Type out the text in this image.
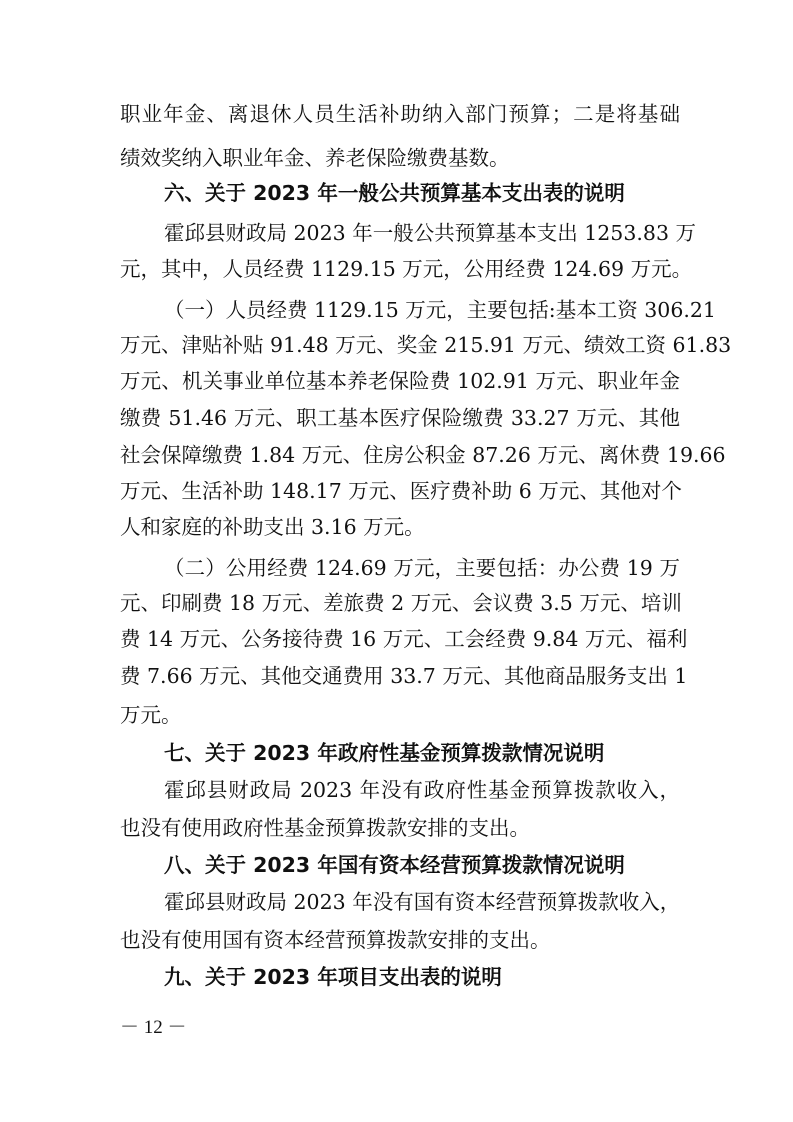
职业年金、离退休人员生活补助纳入部门预算；二是将基础
绩效奖纳入职业年金、养老保险缴费基数。
六、关于 2023 年一般公共预算基本支出表的说明
霍邱县财政局 2023 年一般公共预算基本支出 1253.83 万
元，其中，人员经费 1129.15 万元，公用经费 124.69 万元。
（一）人员经费 1129.15 万元，主要包括:基本工资 306.21
万元、津贴补贴 91.48 万元、奖金 215.91 万元、绩效工资 61.83
万元、机关事业单位基本养老保险费 102.91 万元、职业年金
缴费 51.46 万元、职工基本医疗保险缴费 33.27 万元、其他
社会保障缴费 1.84 万元、住房公积金 87.26 万元、离休费 19.66
万元、生活补助 148.17 万元、医疗费补助 6 万元、其他对个
人和家庭的补助支出 3.16 万元。
（二）公用经费 124.69 万元，主要包括：办公费 19 万
元、印刷费 18 万元、差旅费 2 万元、会议费 3.5 万元、培训
费 14 万元、公务接待费 16 万元、工会经费 9.84 万元、福利
费 7.66 万元、其他交通费用 33.7 万元、其他商品服务支出 1
万元。
七、关于 2023 年政府性基金预算拨款情况说明
霍邱县财政局 2023 年没有政府性基金预算拨款收入，
也没有使用政府性基金预算拨款安排的支出。
八、关于 2023 年国有资本经营预算拨款情况说明
霍邱县财政局 2023 年没有国有资本经营预算拨款收入，
也没有使用国有资本经营预算拨款安排的支出。
九、关于 2023 年项目支出表的说明
－ 12 －
